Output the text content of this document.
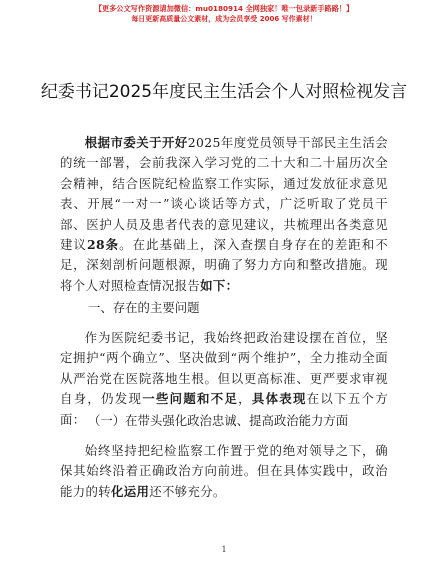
【更多公文写作资源请加微信：mu0180914 全网独家！唯一包录新手路路！】
每日更新高质量公文素材，成为会员享受 2006 写作素材！
纪委书记2025年度民主生活会个人对照检视发言

根据市委关于开好2025年度党员领导干部民主生活会的统一部署，会前我深入学习党的二十大和二十届历次全会精神，结合医院纪检监察工作实际，通过发放征求意见表、开展“一对一”谈心谈话等方式，广泛听取了党员干部、医护人员及患者代表的意见建议，共梳理出各类意见建议28条。在此基础上，深入查摆自身存在的差距和不足，深刻剖析问题根源，明确了努力方向和整改措施。现将个人对照检查情况报告如下：

一、存在的主要问题

作为医院纪委书记，我始终把政治建设摆在首位，坚定拥护“两个确立”、坚决做到“两个维护”，全力推动全面从严治党在医院落地生根。但以更高标准、更严要求审视自身，仍发现一些问题和不足，具体表现在以下五个方面： （一）在带头强化政治忠诚、提高政治能力方面

始终坚持把纪检监察工作置于党的绝对领导之下，确保其始终沿着正确政治方向前进。但在具体实践中，政治能力的转化运用还不够充分。

1
